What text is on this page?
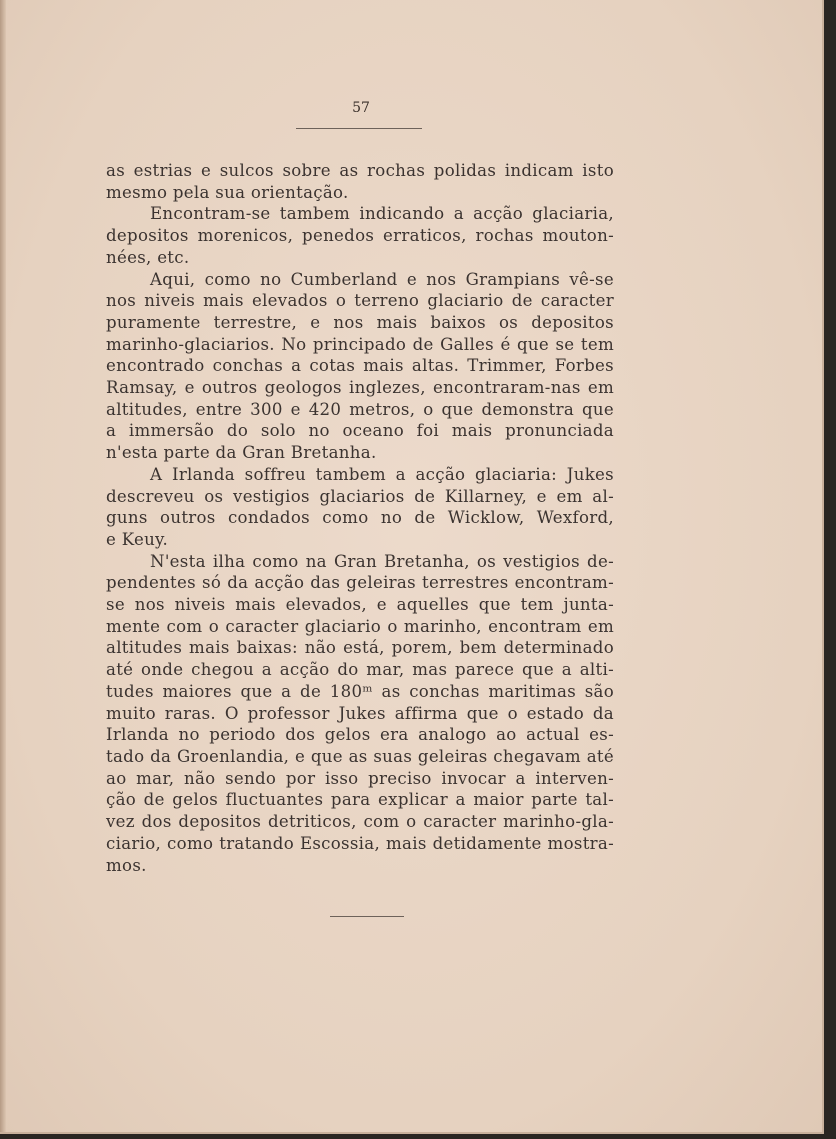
57
as estrias e sulcos sobre as rochas polidas indicam isto
mesmo pela sua orientação.
Encontram-se tambem indicando a acção glaciaria,
depositos morenicos, penedos erraticos, rochas mouton-
nées, etc.
Aqui, como no Cumberland e nos Grampians vê-se
nos niveis mais elevados o terreno glaciario de caracter
puramente terrestre, e nos mais baixos os depositos
marinho-glaciarios. No principado de Galles é que se tem
encontrado conchas a cotas mais altas. Trimmer, Forbes
Ramsay, e outros geologos inglezes, encontraram-nas em
altitudes, entre 300 e 420 metros, o que demonstra que
a immersão do solo no oceano foi mais pronunciada
n'esta parte da Gran Bretanha.
A Irlanda soffreu tambem a acção glaciaria: Jukes
descreveu os vestigios glaciarios de Killarney, e em al-
guns outros condados como no de Wicklow, Wexford,
e Keuy.
N'esta ilha como na Gran Bretanha, os vestigios de-
pendentes só da acção das geleiras terrestres encontram-
se nos niveis mais elevados, e aquelles que tem junta-
mente com o caracter glaciario o marinho, encontram em
altitudes mais baixas: não está, porem, bem determinado
até onde chegou a acção do mar, mas parece que a alti-
tudes maiores que a de 180ᵐ as conchas maritimas são
muito raras. O professor Jukes affirma que o estado da
Irlanda no periodo dos gelos era analogo ao actual es-
tado da Groenlandia, e que as suas geleiras chegavam até
ao mar, não sendo por isso preciso invocar a interven-
ção de gelos fluctuantes para explicar a maior parte tal-
vez dos depositos detriticos, com o caracter marinho-gla-
ciario, como tratando Escossia, mais detidamente mostra-
mos.
